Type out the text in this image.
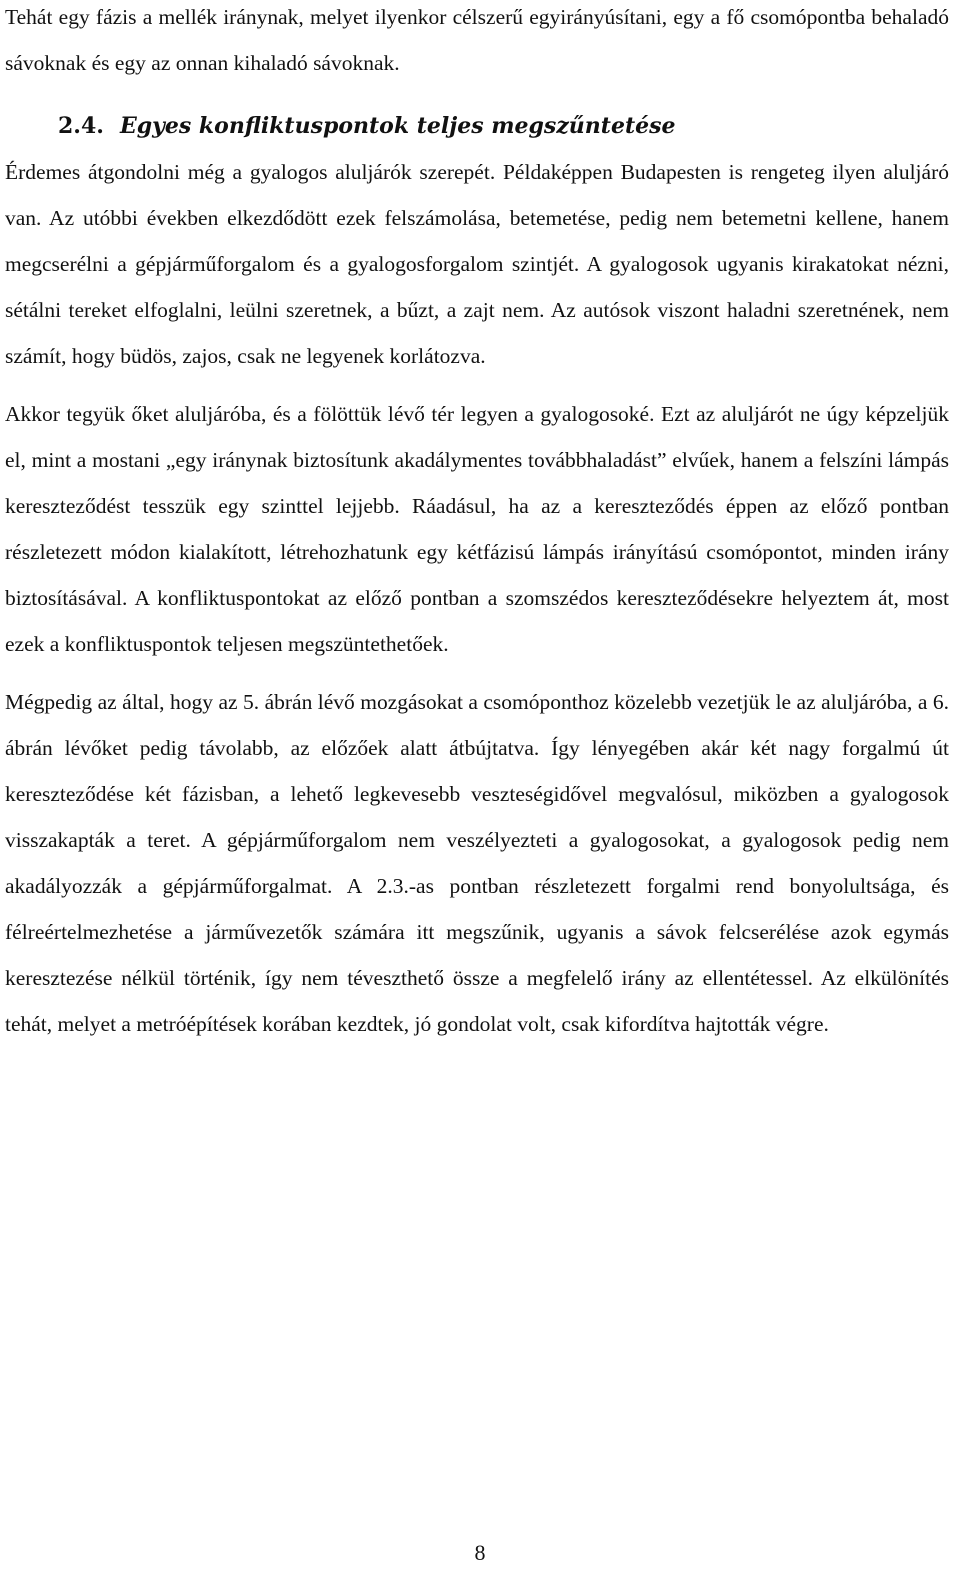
Tehát egy fázis a mellék iránynak, melyet ilyenkor célszerű egyirányúsítani, egy a fő csomópontba behaladó sávoknak és egy az onnan kihaladó sávoknak.

2.4. Egyes konfliktuspontok teljes megszűntetése

Érdemes átgondolni még a gyalogos aluljárók szerepét. Példaképpen Budapesten is rengeteg ilyen aluljáró van. Az utóbbi években elkezdődött ezek felszámolása, betemetése, pedig nem betemetni kellene, hanem megcserélni a gépjárműforgalom és a gyalogosforgalom szintjét. A gyalogosok ugyanis kirakatokat nézni, sétálni tereket elfoglalni, leülni szeretnek, a bűzt, a zajt nem. Az autósok viszont haladni szeretnének, nem számít, hogy büdös, zajos, csak ne legyenek korlátozva.

Akkor tegyük őket aluljáróba, és a fölöttük lévő tér legyen a gyalogosoké. Ezt az aluljárót ne úgy képzeljük el, mint a mostani „egy iránynak biztosítunk akadálymentes továbbhaladást” elvűek, hanem a felszíni lámpás kereszteződést tesszük egy szinttel lejjebb. Ráadásul, ha az a kereszteződés éppen az előző pontban részletezett módon kialakított, létrehozhatunk egy kétfázisú lámpás irányítású csomópontot, minden irány biztosításával. A konfliktuspontokat az előző pontban a szomszédos kereszteződésekre helyeztem át, most ezek a konfliktuspontok teljesen megszüntethetőek.

Mégpedig az által, hogy az 5. ábrán lévő mozgásokat a csomóponthoz közelebb vezetjük le az aluljáróba, a 6. ábrán lévőket pedig távolabb, az előzőek alatt átbújtatva. Így lényegében akár két nagy forgalmú út kereszteződése két fázisban, a lehető legkevesebb veszteségidővel megvalósul, miközben a gyalogosok visszakapták a teret. A gépjárműforgalom nem veszélyezteti a gyalogosokat, a gyalogosok pedig nem akadályozzák a gépjárműforgalmat. A 2.3.-as pontban részletezett forgalmi rend bonyolultsága, és félreértelmezhetése a járművezetők számára itt megszűnik, ugyanis a sávok felcserélése azok egymás keresztezése nélkül történik, így nem téveszthető össze a megfelelő irány az ellentétessel. Az elkülönítés tehát, melyet a metróépítések korában kezdtek, jó gondolat volt, csak kifordítva hajtották végre.

8
